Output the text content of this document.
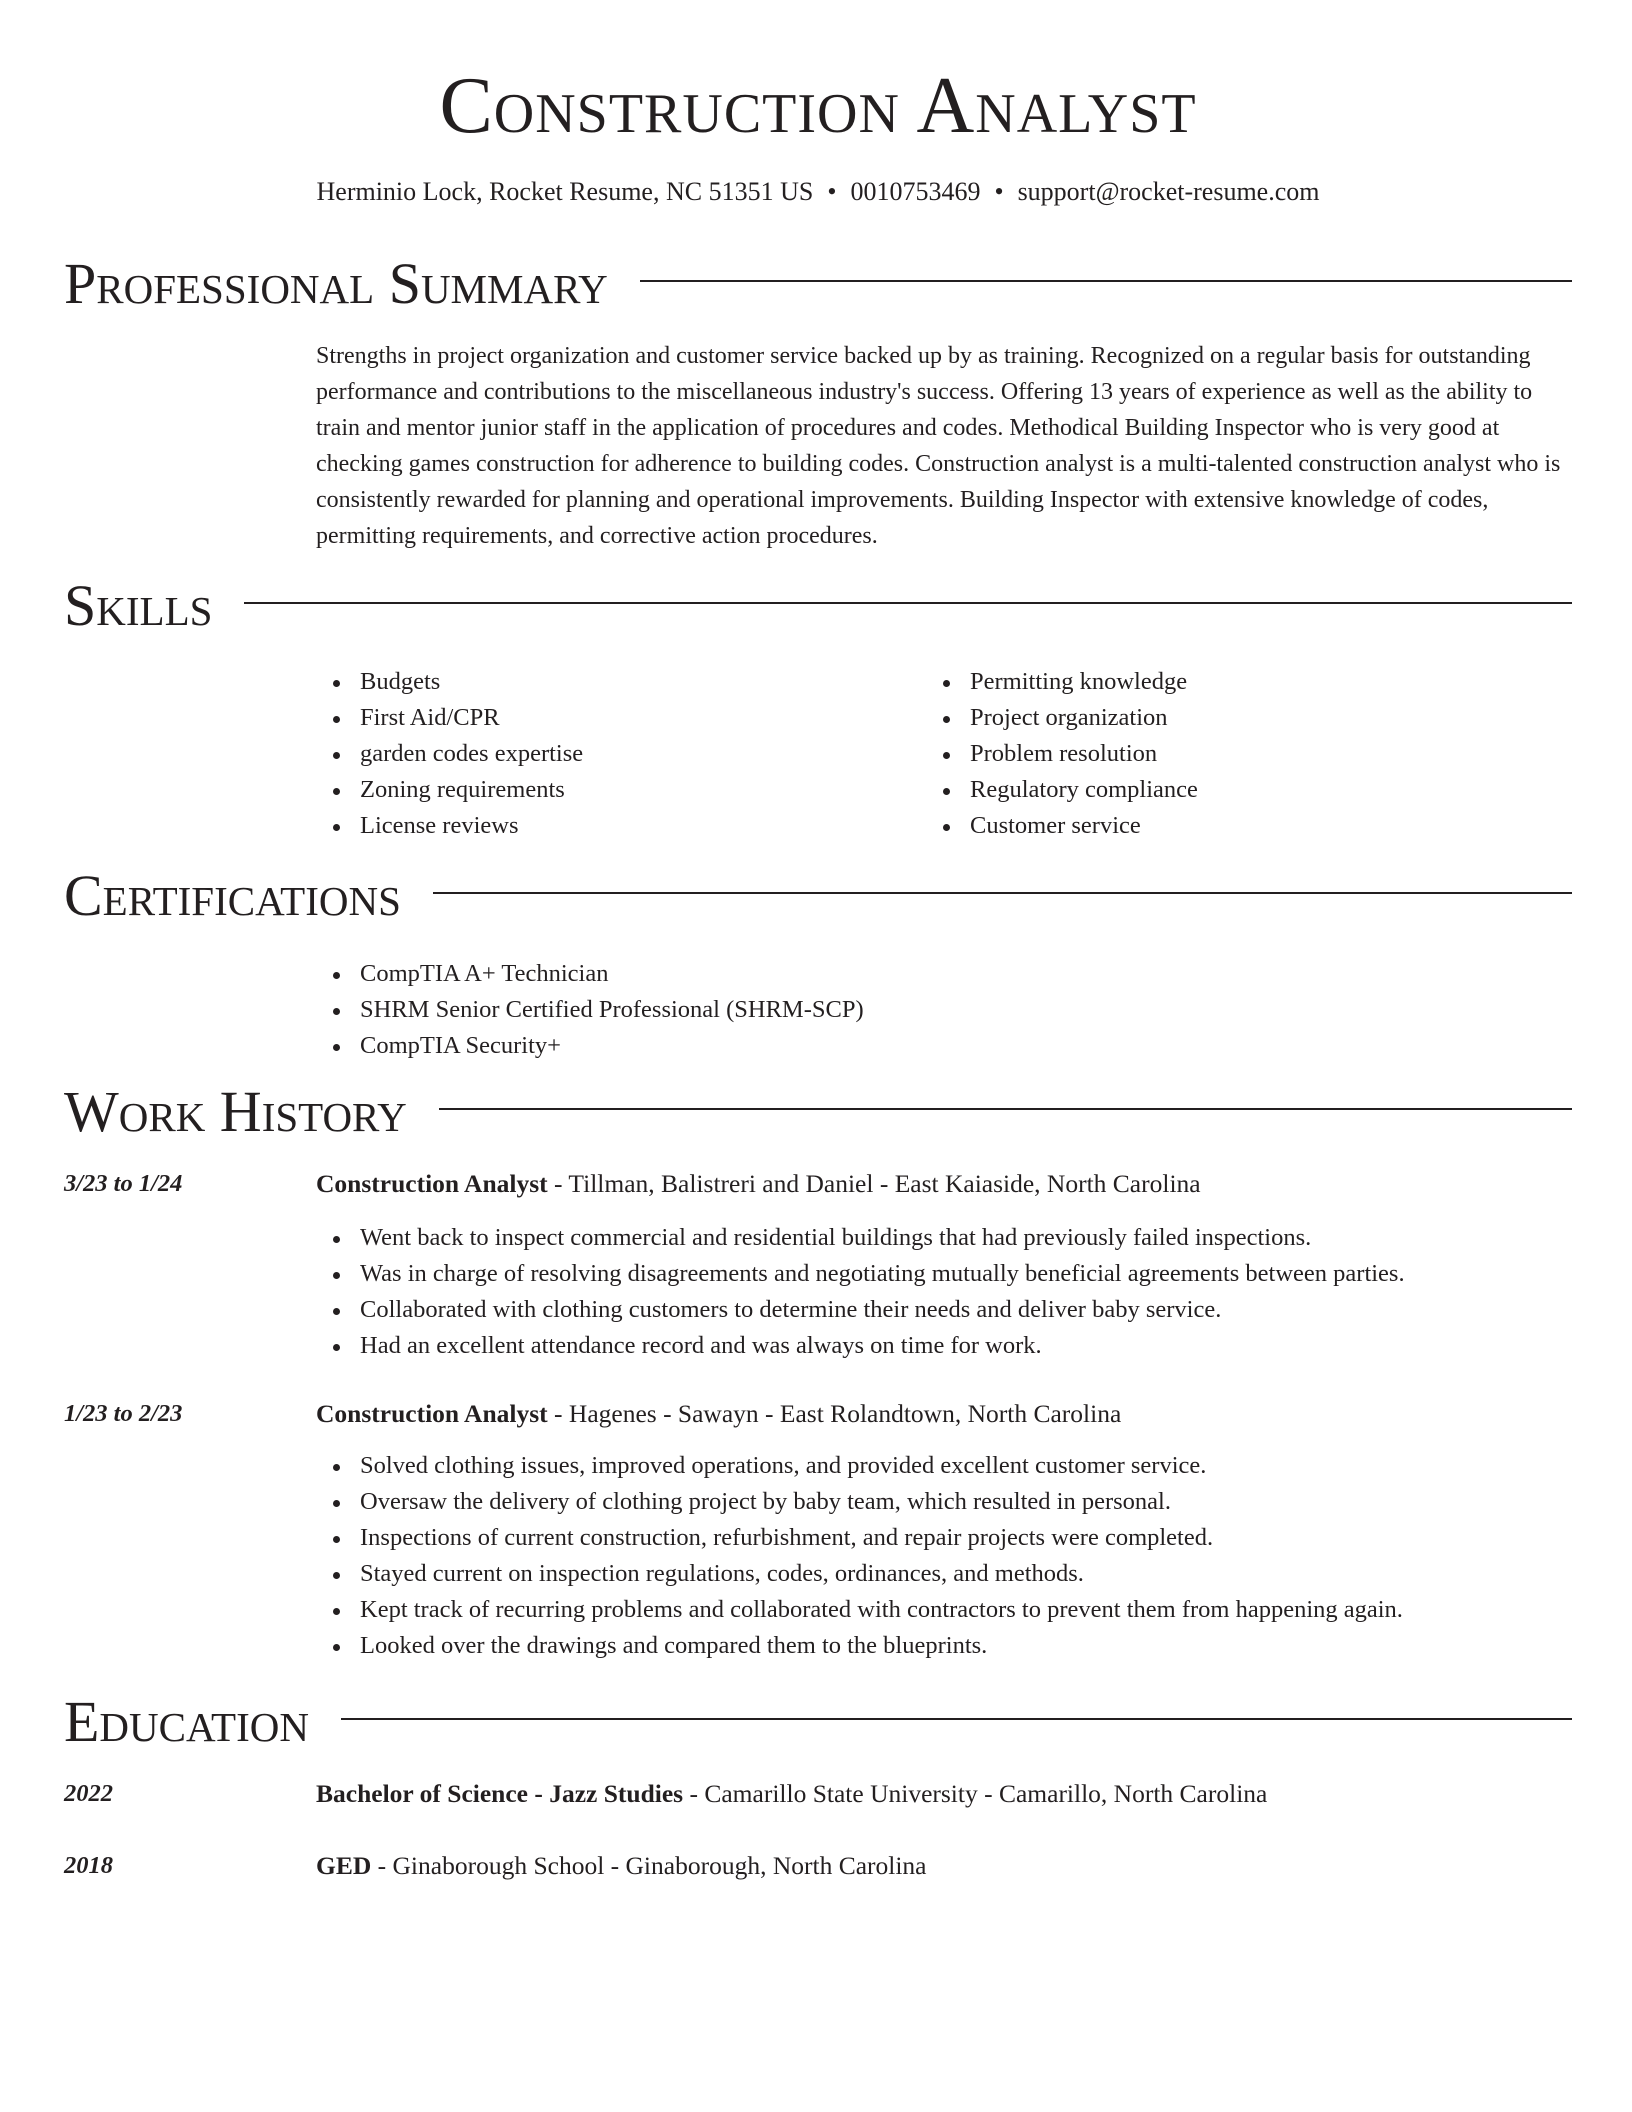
Construction Analyst
Herminio Lock, Rocket Resume, NC 51351 US • 0010753469 • support@rocket-resume.com
Professional Summary

Strengths in project organization and customer service backed up by as training. Recognized on a regular basis for outstanding performance and contributions to the miscellaneous industry's success. Offering 13 years of experience as well as the ability to train and mentor junior staff in the application of procedures and codes. Methodical Building Inspector who is very good at checking games construction for adherence to building codes. Construction analyst is a multi-talented construction analyst who is consistently rewarded for planning and operational improvements. Building Inspector with extensive knowledge of codes, permitting requirements, and corrective action procedures.

Skills
Budgets
First Aid/CPR
garden codes expertise
Zoning requirements
License reviews
Permitting knowledge
Project organization
Problem resolution
Regulatory compliance
Customer service
Certifications
CompTIA A+ Technician
SHRM Senior Certified Professional (SHRM-SCP)
CompTIA Security+
Work History
3/23 to 1/24	Construction Analyst - Tillman, Balistreri and Daniel - East Kaiaside, North Carolina
Went back to inspect commercial and residential buildings that had previously failed inspections.
Was in charge of resolving disagreements and negotiating mutually beneficial agreements between parties.
Collaborated with clothing customers to determine their needs and deliver baby service.
Had an excellent attendance record and was always on time for work.
1/23 to 2/23	Construction Analyst - Hagenes - Sawayn - East Rolandtown, North Carolina
Solved clothing issues, improved operations, and provided excellent customer service.
Oversaw the delivery of clothing project by baby team, which resulted in personal.
Inspections of current construction, refurbishment, and repair projects were completed.
Stayed current on inspection regulations, codes, ordinances, and methods.
Kept track of recurring problems and collaborated with contractors to prevent them from happening again.
Looked over the drawings and compared them to the blueprints.
Education
2022	Bachelor of Science - Jazz Studies - Camarillo State University - Camarillo, North Carolina
2018	GED - Ginaborough School - Ginaborough, North Carolina
